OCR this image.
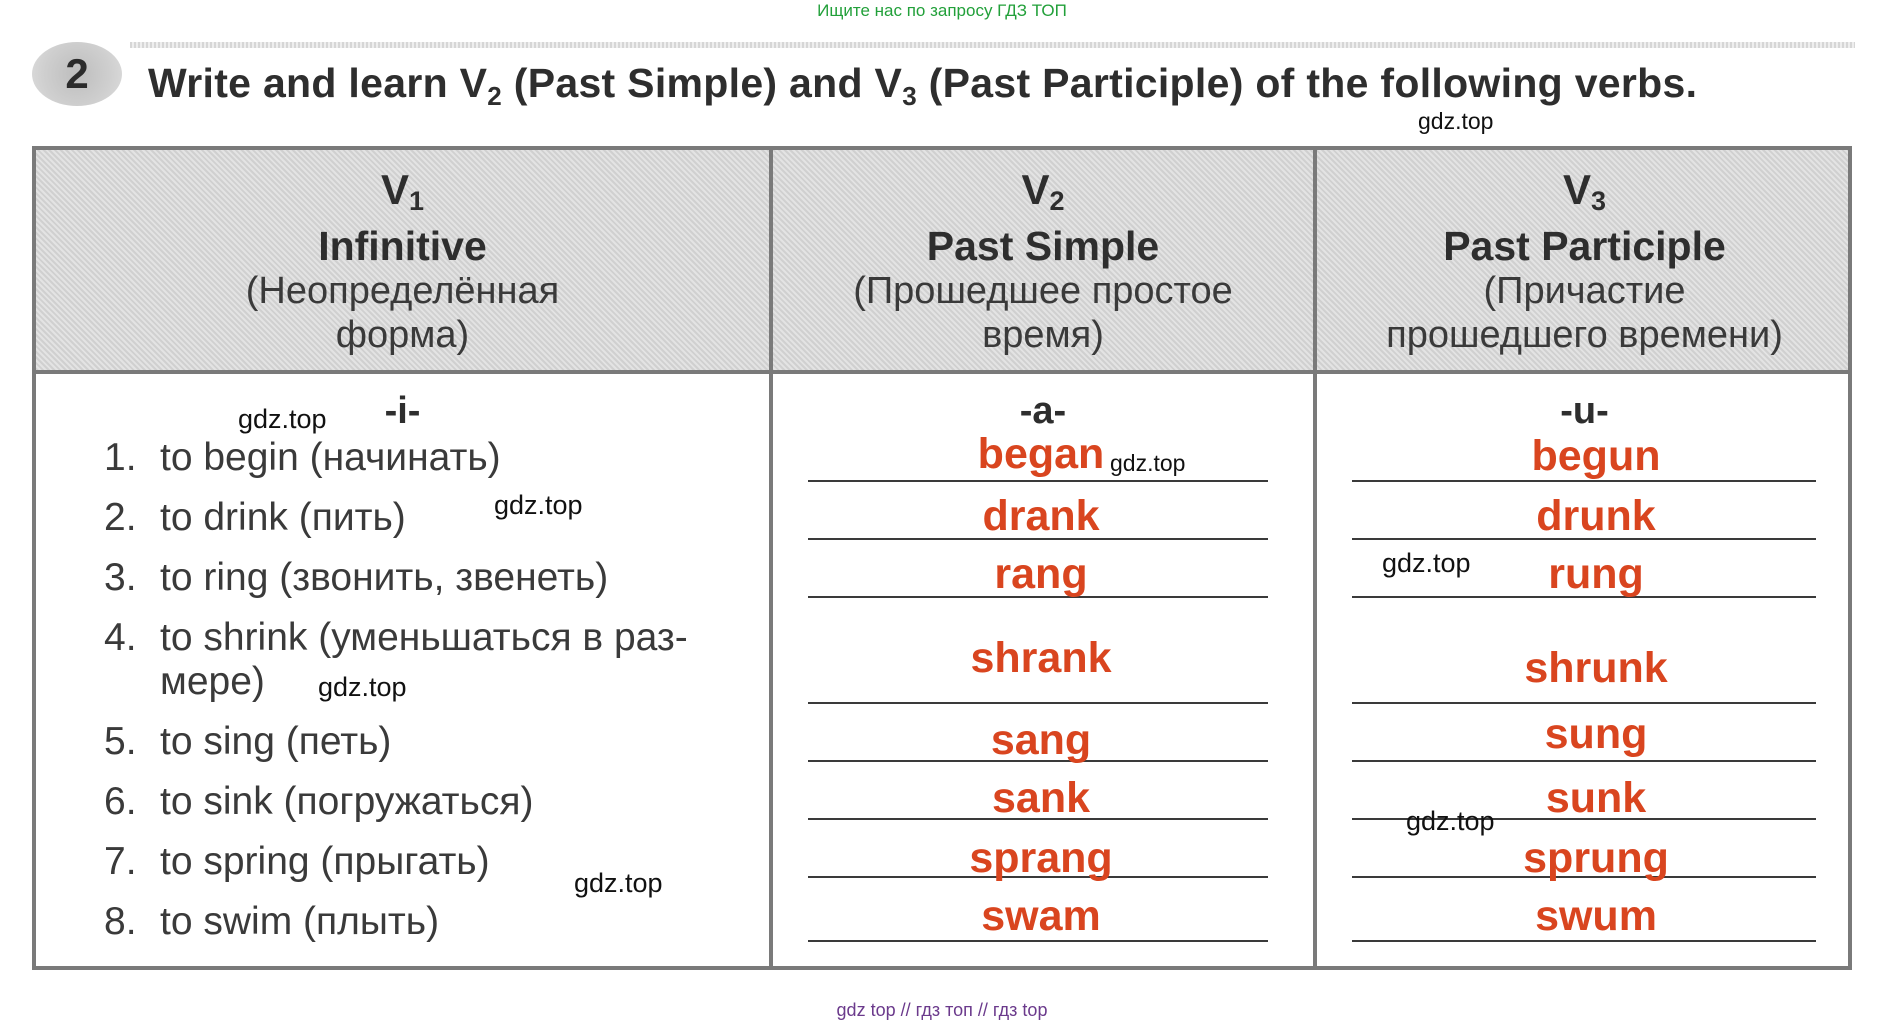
Ищите нас по запросу ГДЗ ТОП
2 Write and learn $V_2$ (Past Simple) and $V_3$ (Past Participle) of the following verbs.
$V_1$
Infinitive
(Неопределённая
форма)
$V_2$
Past Simple
(Прошедшее простое
время)
$V_3$
Past Participle
(Причастие
прошедшего времени)
-i-	-a-	-u-
1. to begin (начинать)
2. to drink (пить)
3. to ring (звонить, звенеть)
4. to shrink (уменьшаться в раз-
мере)
5. to sing (петь)
6. to sink (погружаться)
7. to spring (прыгать)
8. to swim (плыть)
began
drank
rang
shrank
sang
sank
sprang
swam
begun
drunk
rung
shrunk
sung
sunk
sprung
swum
gdz.top
gdz.top
gdz.top
gdz.top
gdz.top
gdz.top
gdz.top
gdz.top
gdz top // гдз топ // гдз top
